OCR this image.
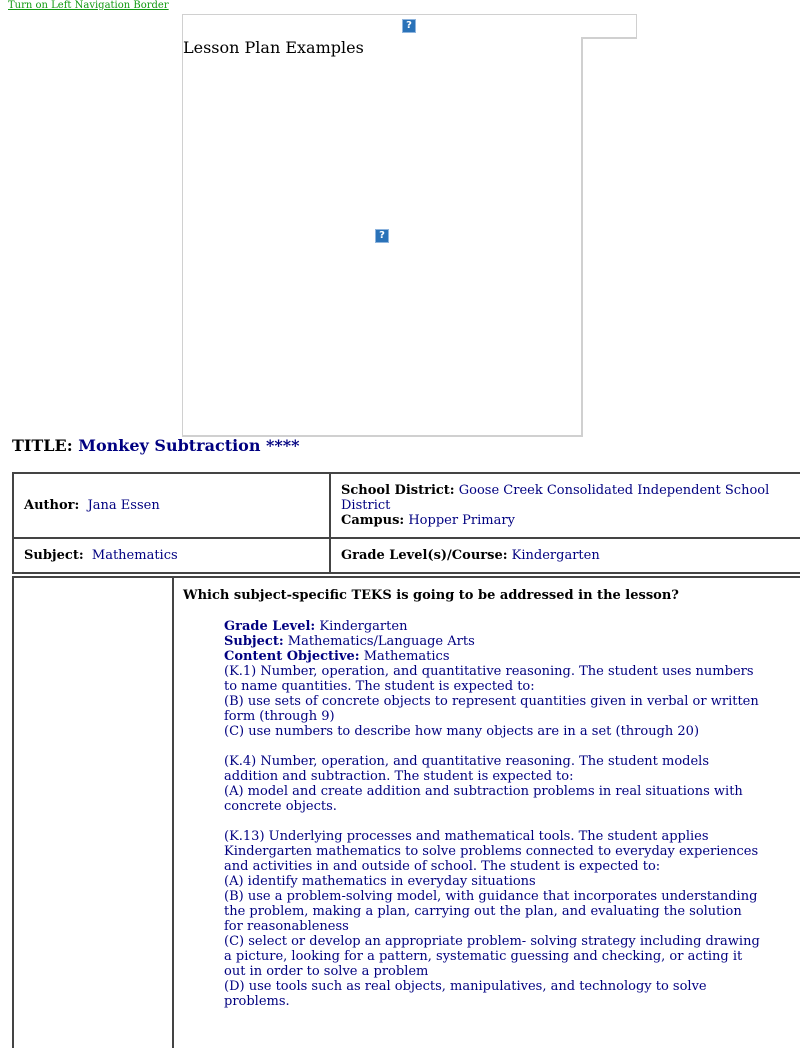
Turn on Left Navigation Border
?
Lesson Plan Examples
?
TITLE: Monkey Subtraction ****
Author: Jana Essen	School District: Goose Creek Consolidated Independent School District
Campus: Hopper Primary
Subject: Mathematics	Grade Level(s)/Course: Kindergarten

Which subject-specific TEKS is going to be addressed in the lesson?

Grade Level: Kindergarten

Subject: Mathematics/Language Arts

Content Objective: Mathematics

(K.1) Number, operation, and quantitative reasoning. The student uses numbers to name quantities. The student is expected to:

(B) use sets of concrete objects to represent quantities given in verbal or written form (through 9)

(C) use numbers to describe how many objects are in a set (through 20)

(K.4) Number, operation, and quantitative reasoning. The student models addition and subtraction. The student is expected to:

(A) model and create addition and subtraction problems in real situations with concrete objects.

(K.13) Underlying processes and mathematical tools. The student applies Kindergarten mathematics to solve problems connected to everyday experiences and activities in and outside of school. The student is expected to:

(A) identify mathematics in everyday situations

(B) use a problem-solving model, with guidance that incorporates understanding the problem, making a plan, carrying out the plan, and evaluating the solution for reasonableness

(C) select or develop an appropriate problem- solving strategy including drawing a picture, looking for a pattern, systematic guessing and checking, or acting it out in order to solve a problem

(D) use tools such as real objects, manipulatives, and technology to solve problems.
